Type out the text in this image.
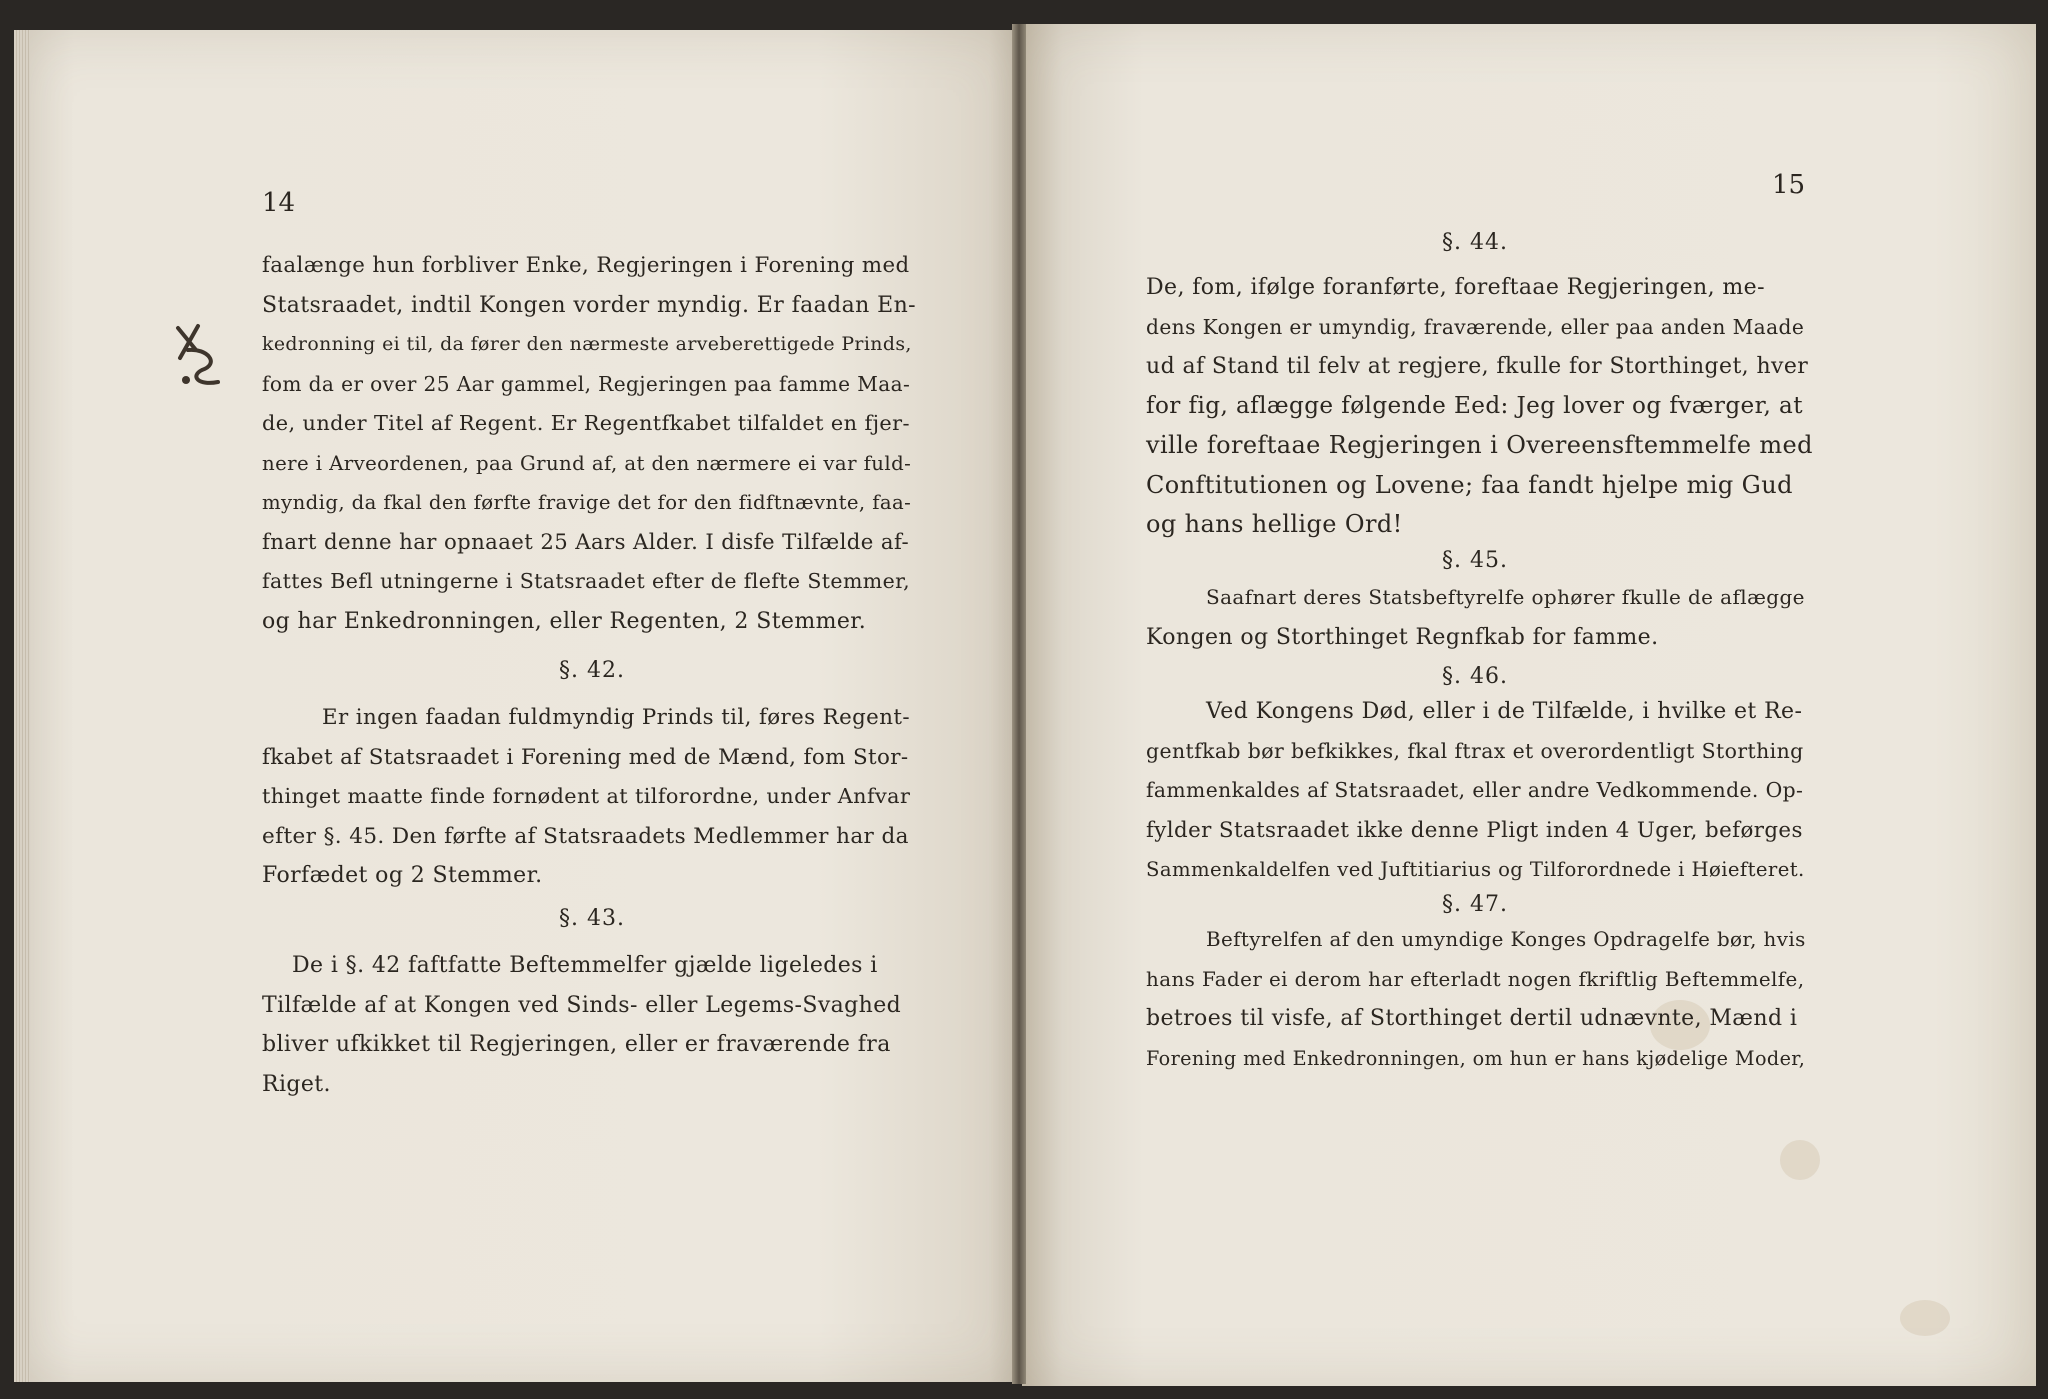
14
faalænge hun forbliver Enke, Regjeringen i Forening med
Statsraadet, indtil Kongen vorder myndig. Er faadan En-
kedronning ei til, da fører den nærmeste arveberettigede Prinds,
fom da er over 25 Aar gammel, Regjeringen paa famme Maa-
de, under Titel af Regent. Er Regentfkabet tilfaldet en fjer-
nere i Arveordenen, paa Grund af, at den nærmere ei var fuld-
myndig, da fkal den førfte fravige det for den fidftnævnte, faa-
fnart denne har opnaaet 25 Aars Alder. I disfe Tilfælde af-
fattes Befl utningerne i Statsraadet efter de flefte Stemmer,
og har Enkedronningen, eller Regenten, 2 Stemmer.
§. 42.
Er ingen faadan fuldmyndig Prinds til, føres Regent-
fkabet af Statsraadet i Forening med de Mænd, fom Stor-
thinget maatte finde fornødent at tilforordne, under Anfvar
efter §. 45. Den førfte af Statsraadets Medlemmer har da
Forfædet og 2 Stemmer.
§. 43.
De i §. 42 faftfatte Beftemmelfer gjælde ligeledes i
Tilfælde af at Kongen ved Sinds- eller Legems-Svaghed
bliver ufkikket til Regjeringen, eller er fraværende fra
Riget.
15
§. 44.
De, fom, ifølge foranførte, foreftaae Regjeringen, me-
dens Kongen er umyndig, fraværende, eller paa anden Maade
ud af Stand til felv at regjere, fkulle for Storthinget, hver
for fig, aflægge følgende Eed: Jeg lover og fværger, at
ville foreftaae Regjeringen i Overeensftemmelfe med
Conftitutionen og Lovene; faa fandt hjelpe mig Gud
og hans hellige Ord!
§. 45.
Saafnart deres Statsbeftyrelfe ophører fkulle de aflægge
Kongen og Storthinget Regnfkab for famme.
§. 46.
Ved Kongens Død, eller i de Tilfælde, i hvilke et Re-
gentfkab bør befkikkes, fkal ftrax et overordentligt Storthing
fammenkaldes af Statsraadet, eller andre Vedkommende. Op-
fylder Statsraadet ikke denne Pligt inden 4 Uger, beførges
Sammenkaldelfen ved Juftitiarius og Tilforordnede i Høiefteret.
§. 47.
Beftyrelfen af den umyndige Konges Opdragelfe bør, hvis
hans Fader ei derom har efterladt nogen fkriftlig Beftemmelfe,
betroes til visfe, af Storthinget dertil udnævnte, Mænd i
Forening med Enkedronningen, om hun er hans kjødelige Moder,
